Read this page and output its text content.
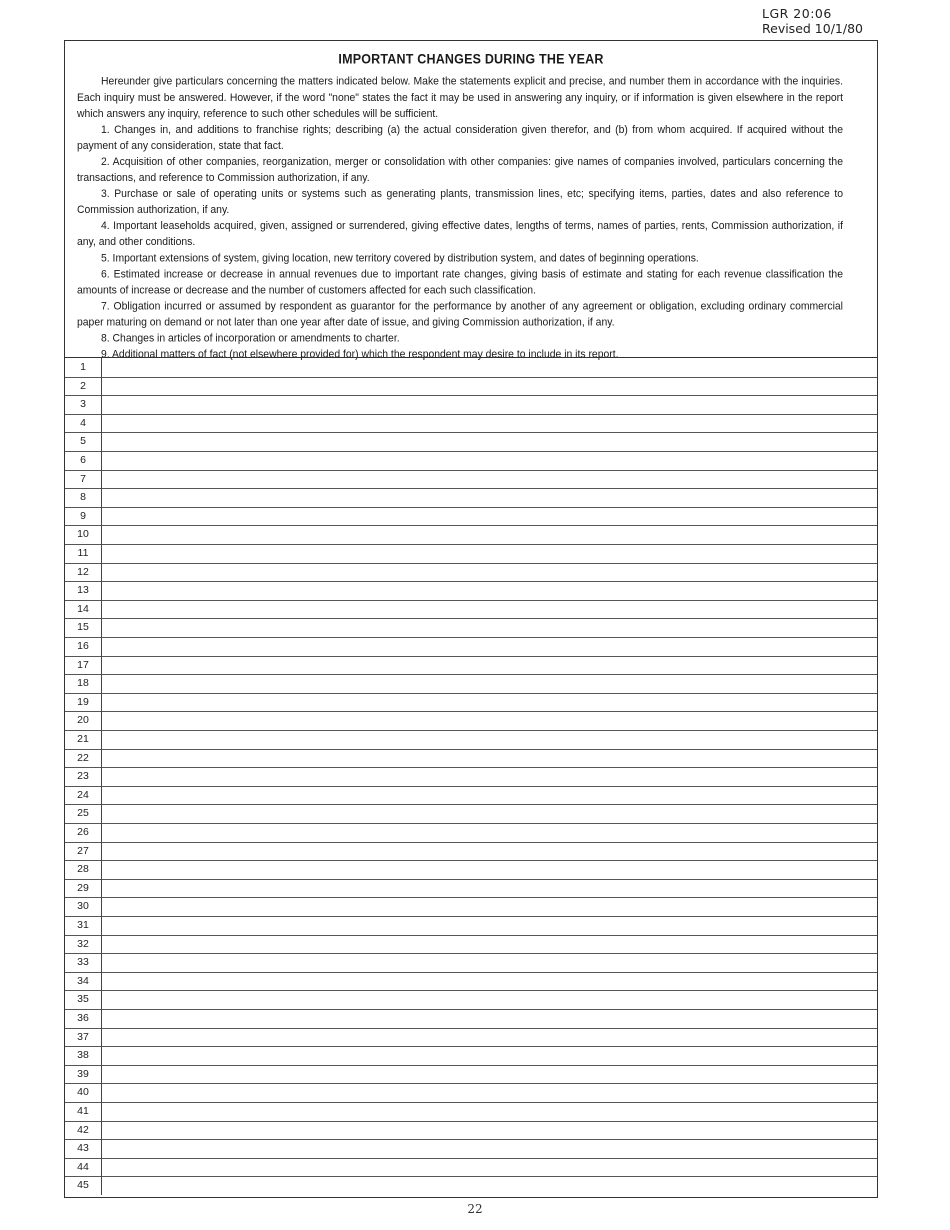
LGR 20:06
Revised 10/1/80
IMPORTANT CHANGES DURING THE YEAR

Hereunder give particulars concerning the matters indicated below. Make the statements explicit and precise, and number them in accordance with the inquiries. Each inquiry must be answered. However, if the word "none" states the fact it may be used in answering any inquiry, or if information is given elsewhere in the report which answers any inquiry, reference to such other schedules will be sufficient.

1. Changes in, and additions to franchise rights; describing (a) the actual consideration given therefor, and (b) from whom acquired. If acquired without the payment of any consideration, state that fact.

2. Acquisition of other companies, reorganization, merger or consolidation with other companies: give names of companies involved, particulars concerning the transactions, and reference to Commission authorization, if any.

3. Purchase or sale of operating units or systems such as generating plants, transmission lines, etc; specifying items, parties, dates and also reference to Commission authorization, if any.

4. Important leaseholds acquired, given, assigned or surrendered, giving effective dates, lengths of terms, names of parties, rents, Commission authorization, if any, and other conditions.

5. Important extensions of system, giving location, new territory covered by distribution system, and dates of beginning operations.

6. Estimated increase or decrease in annual revenues due to important rate changes, giving basis of estimate and stating for each revenue classification the amounts of increase or decrease and the number of customers affected for each such classification.

7. Obligation incurred or assumed by respondent as guarantor for the performance by another of any agreement or obligation, excluding ordinary commercial paper maturing on demand or not later than one year after date of issue, and giving Commission authorization, if any.

8. Changes in articles of incorporation or amendments to charter.

9. Additional matters of fact (not elsewhere provided for) which the respondent may desire to include in its report.

1
2
3
4
5
6
7
8
9
10
11
12
13
14
15
16
17
18
19
20
21
22
23
24
25
26
27
28
29
30
31
32
33
34
35
36
37
38
39
40
41
42
43
44
45
22
